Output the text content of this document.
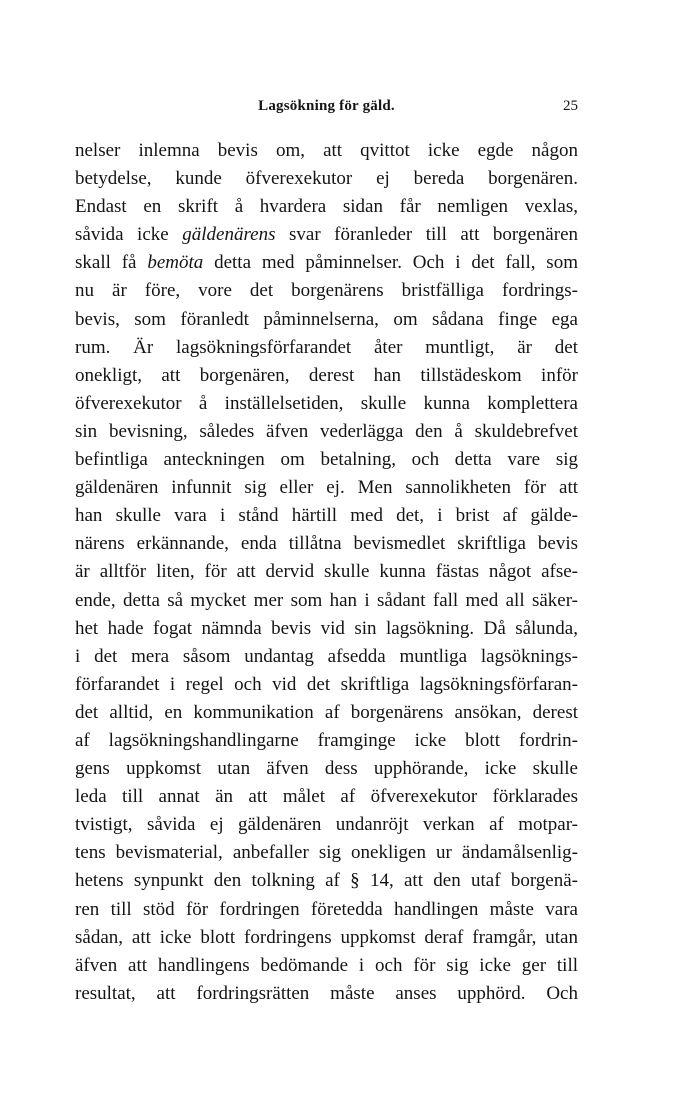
Lagsökning för gäld.	25
nelser inlemna bevis om, att qvittot icke egde någon
betydelse, kunde öfverexekutor ej bereda borgenären.
Endast en skrift å hvardera sidan får nemligen vexlas,
såvida icke gäldenärens svar föranleder till att borgenären
skall få bemöta detta med påminnelser. Och i det fall, som
nu är före, vore det borgenärens bristfälliga fordrings-
bevis, som föranledt påminnelserna, om sådana finge ega
rum. Är lagsökningsförfarandet åter muntligt, är det
onekligt, att borgenären, derest han tillstädeskom inför
öfverexekutor å inställelsetiden, skulle kunna komplettera
sin bevisning, således äfven vederlägga den å skuldebrefvet
befintliga anteckningen om betalning, och detta vare sig
gäldenären infunnit sig eller ej. Men sannolikheten för att
han skulle vara i stånd härtill med det, i brist af gälde-
närens erkännande, enda tillåtna bevismedlet skriftliga bevis
är alltför liten, för att dervid skulle kunna fästas något afse-
ende, detta så mycket mer som han i sådant fall med all säker-
het hade fogat nämnda bevis vid sin lagsökning. Då sålunda,
i det mera såsom undantag afsedda muntliga lagsöknings-
förfarandet i regel och vid det skriftliga lagsökningsförfaran-
det alltid, en kommunikation af borgenärens ansökan, derest
af lagsökningshandlingarne framginge icke blott fordrin-
gens uppkomst utan äfven dess upphörande, icke skulle
leda till annat än att målet af öfverexekutor förklarades
tvistigt, såvida ej gäldenären undanröjt verkan af motpar-
tens bevismaterial, anbefaller sig onekligen ur ändamålsenlig-
hetens synpunkt den tolkning af § 14, att den utaf borgenä-
ren till stöd för fordringen företedda handlingen måste vara
sådan, att icke blott fordringens uppkomst deraf framgår, utan
äfven att handlingens bedömande i och för sig icke ger till
resultat, att fordringsrätten måste anses upphörd. Och
